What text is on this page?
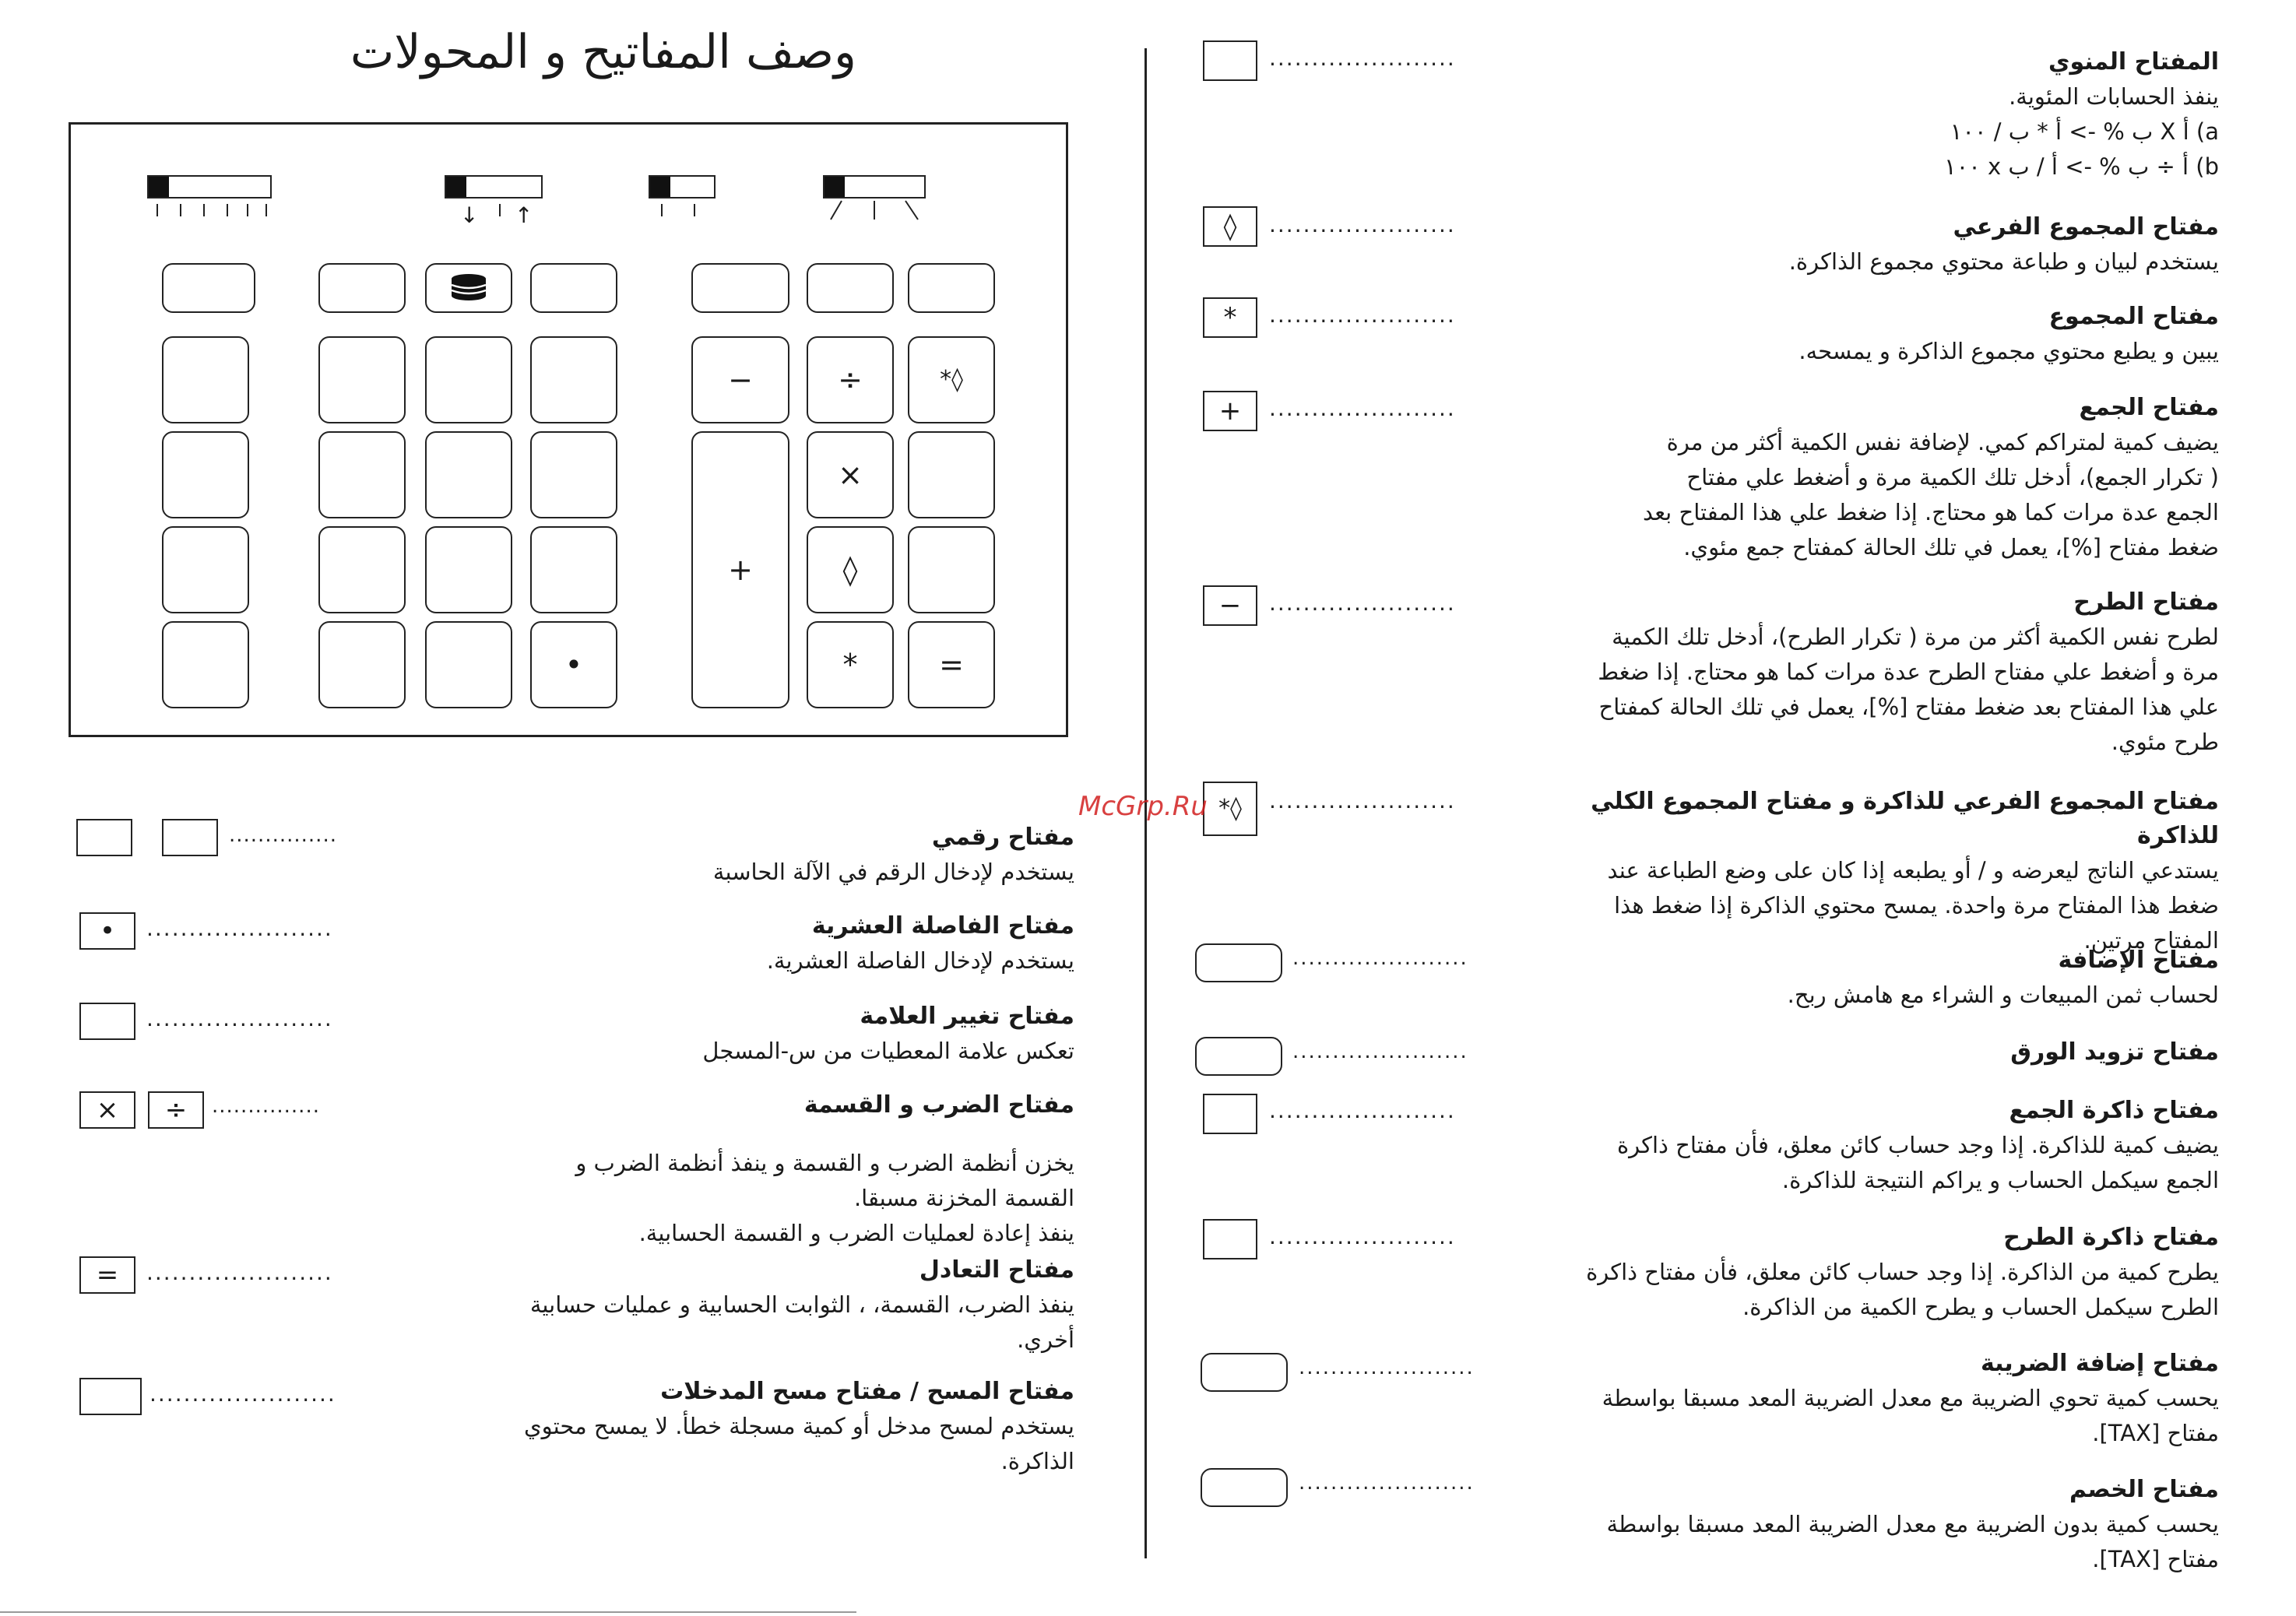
وصف المفاتيح و المحولات
↓ ↑
•
−	÷	*◊
+
×
◊
*	=
......................	المفتاح المنوي
ينفذ الحسابات المئوية.
a) أ X ب % -> أ * ب / ١٠٠
b) أ ÷ ب % -> أ / ب x ١٠٠
◊	......................	مفتاح المجموع الفرعي
يستخدم لبيان و طباعة محتوي مجموع الذاكرة.
*	......................	مفتاح المجموع
يبين و يطبع محتوي مجموع الذاكرة و يمسحه.
+	......................	مفتاح الجمع
يضيف كمية لمتراكم كمي. لإضافة نفس الكمية أكثر من مرة
( تكرار الجمع)، أدخل تلك الكمية مرة و أضغط علي مفتاح
الجمع عدة مرات كما هو محتاج. إذا ضغط علي هذا المفتاح بعد
ضغط مفتاح [%]، يعمل في تلك الحالة كمفتاح جمع مئوي.
−	......................	مفتاح الطرح
لطرح نفس الكمية أكثر من مرة ( تكرار الطرح)، أدخل تلك الكمية
مرة و أضغط علي مفتاح الطرح عدة مرات كما هو محتاج. إذا ضغط
علي هذا المفتاح بعد ضغط مفتاح [%]، يعمل في تلك الحالة كمفتاح
طرح مئوي.
*◊	......................	مفتاح المجموع الفرعي للذاكرة و مفتاح المجموع الكلي للذاكرة
يستدعي الناتج ليعرضه و / أو يطبعه إذا كان على وضع الطباعة عند
ضغط هذا المفتاح مرة واحدة. يمسح محتوي الذاكرة إذا ضغط هذا
المفتاح مرتين.
......................	مفتاح الإضافة
لحساب ثمن المبيعات و الشراء مع هامش ربح.
......................	مفتاح تزويد الورق
......................	مفتاح ذاكرة الجمع
يضيف كمية للذاكرة. إذا وجد حساب كائن معلق، فأن مفتاح ذاكرة
الجمع سيكمل الحساب و يراكم النتيجة للذاكرة.
......................	مفتاح ذاكرة الطرح
يطرح كمية من الذاكرة. إذا وجد حساب كائن معلق، فأن مفتاح ذاكرة
الطرح سيكمل الحساب و يطرح الكمية من الذاكرة.
......................	مفتاح إضافة الضريبة
يحسب كمية تحوي الضريبة مع معدل الضريبة المعد مسبقا بواسطة
مفتاح [TAX].
......................	مفتاح الخصم
يحسب كمية بدون الضريبة مع معدل الضريبة المعد مسبقا بواسطة
مفتاح [TAX].
...............	مفتاح رقمي
يستخدم لإدخال الرقم في الآلة الحاسبة
•	......................	مفتاح الفاصلة العشرية
يستخدم لإدخال الفاصلة العشرية.
......................	مفتاح تغيير العلامة
تعكس علامة المعطيات من س-المسجل
×	÷	...............	مفتاح الضرب و القسمة
يخزن أنظمة الضرب و القسمة و ينفذ أنظمة الضرب و
القسمة المخزنة مسبقا.
ينفذ إعادة لعمليات الضرب و القسمة الحسابية.
=	......................	مفتاح التعادل
ينفذ الضرب، القسمة، ، الثوابت الحسابية و عمليات حسابية
أخري.
......................	مفتاح المسح / مفتاح مسح المدخلات
يستخدم لمسح مدخل أو كمية مسجلة خطأ. لا يمسح محتوي
الذاكرة.
McGrp.Ru
